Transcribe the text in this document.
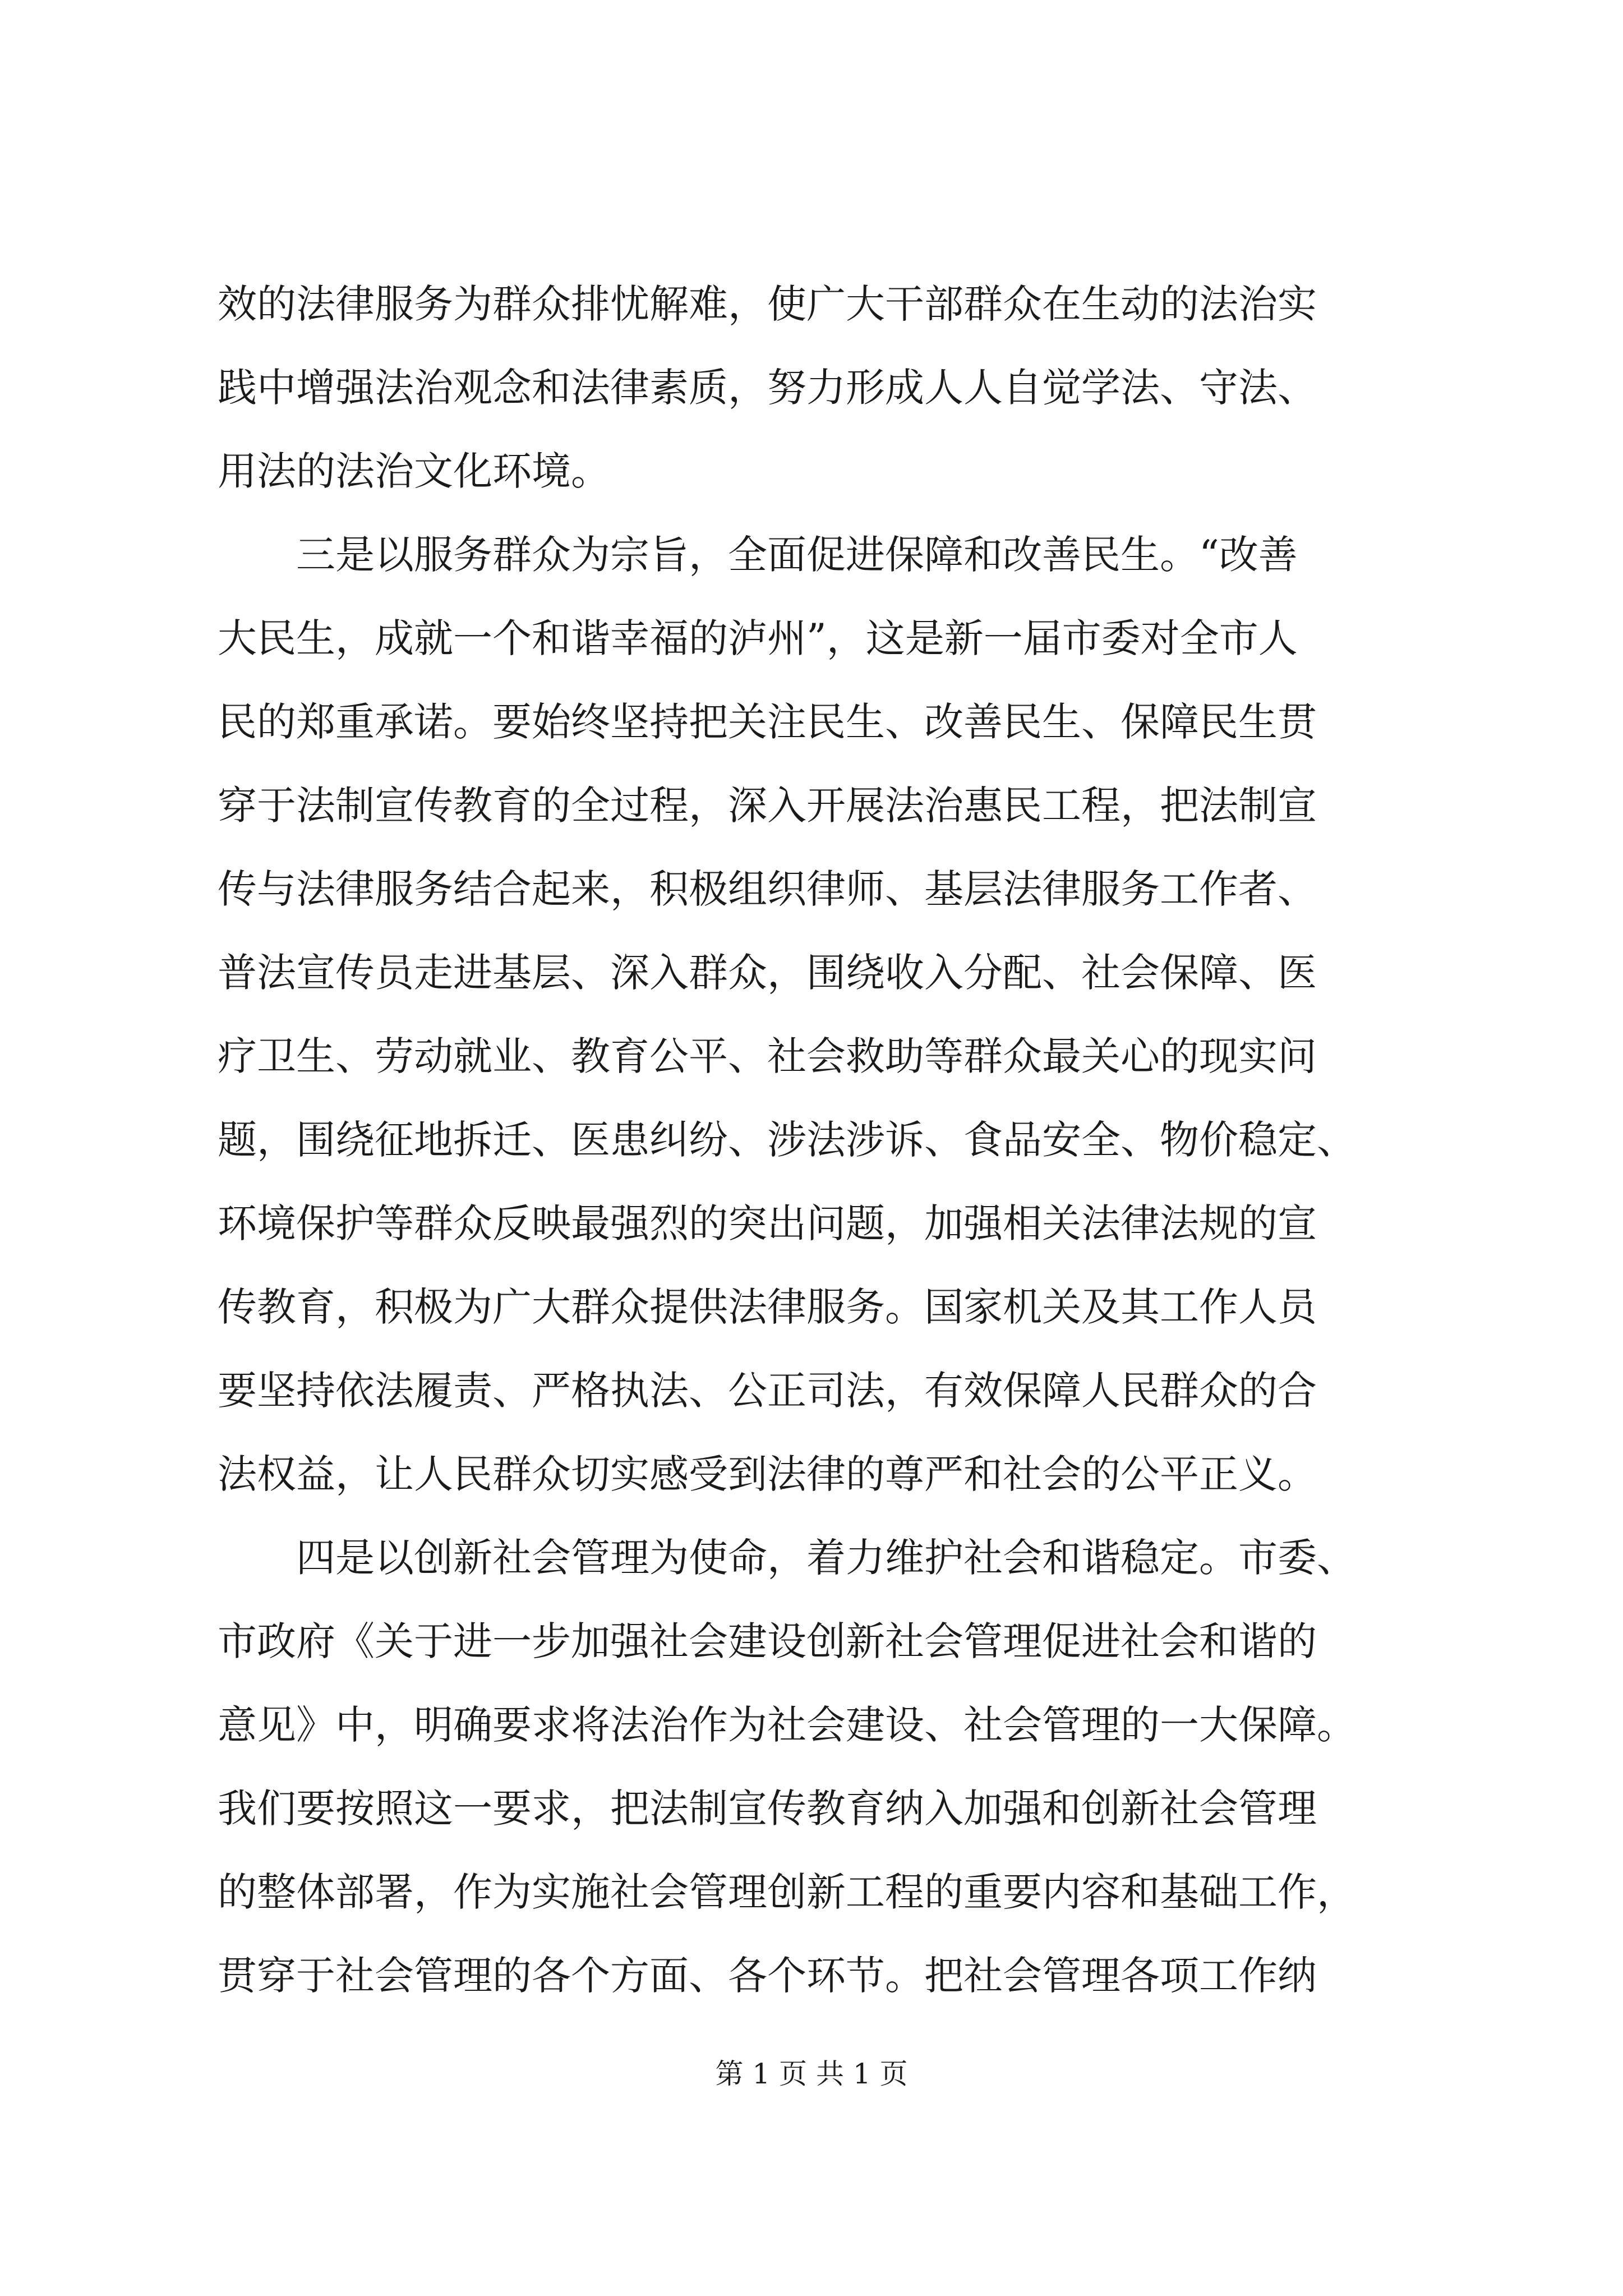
效的法律服务为群众排忧解难，使广大干部群众在生动的法治实
践中增强法治观念和法律素质，努力形成人人自觉学法、守法、
用法的法治文化环境。
三是以服务群众为宗旨，全面促进保障和改善民生。“改善
大民生，成就一个和谐幸福的泸州”，这是新一届市委对全市人
民的郑重承诺。要始终坚持把关注民生、改善民生、保障民生贯
穿于法制宣传教育的全过程，深入开展法治惠民工程，把法制宣
传与法律服务结合起来，积极组织律师、基层法律服务工作者、
普法宣传员走进基层、深入群众，围绕收入分配、社会保障、医
疗卫生、劳动就业、教育公平、社会救助等群众最关心的现实问
题，围绕征地拆迁、医患纠纷、涉法涉诉、食品安全、物价稳定、
环境保护等群众反映最强烈的突出问题，加强相关法律法规的宣
传教育，积极为广大群众提供法律服务。国家机关及其工作人员
要坚持依法履责、严格执法、公正司法，有效保障人民群众的合
法权益，让人民群众切实感受到法律的尊严和社会的公平正义。
四是以创新社会管理为使命，着力维护社会和谐稳定。市委、
市政府《关于进一步加强社会建设创新社会管理促进社会和谐的
意见》中，明确要求将法治作为社会建设、社会管理的一大保障。
我们要按照这一要求，把法制宣传教育纳入加强和创新社会管理
的整体部署，作为实施社会管理创新工程的重要内容和基础工作，
贯穿于社会管理的各个方面、各个环节。把社会管理各项工作纳
第 1 页 共 1 页
